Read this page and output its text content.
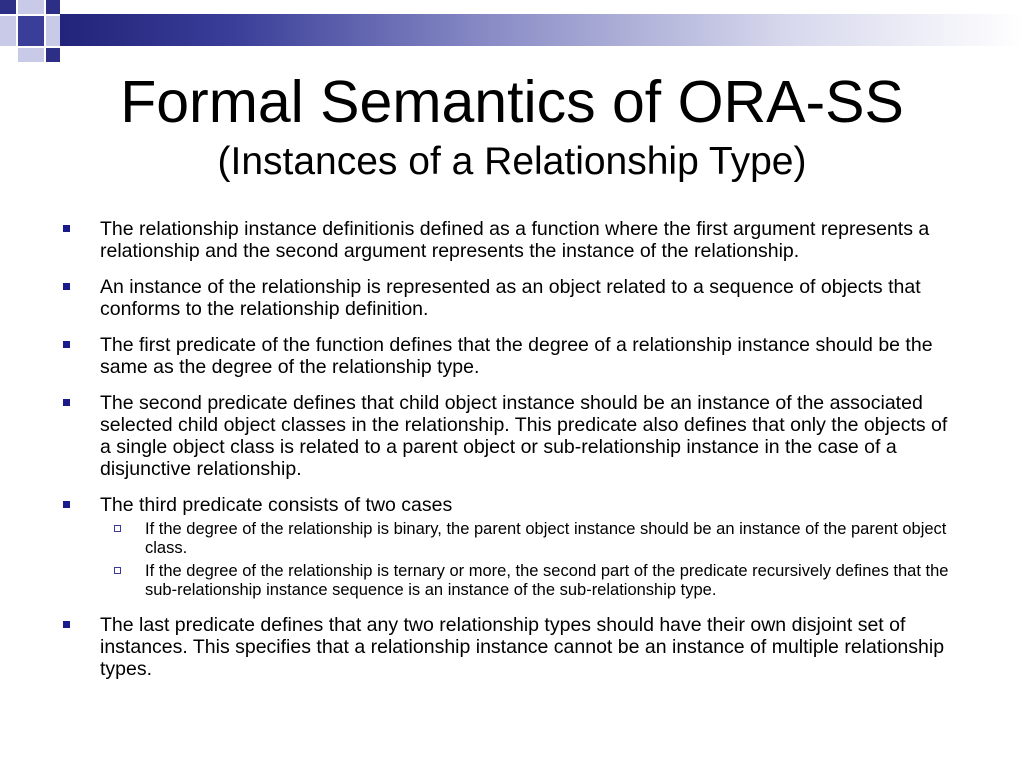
Formal Semantics of ORA-SS
(Instances of a Relationship Type)
The relationship instance definitionis defined as a function where the first argument represents a relationship and the second argument represents the instance of the relationship.
An instance of the relationship is represented as an object related to a sequence of objects that conforms to the relationship definition.
The first predicate of the function defines that the degree of a relationship instance should be the same as the degree of the relationship type.
The second predicate defines that child object instance should be an instance of the associated selected child object classes in the relationship. This predicate also defines that only the objects of a single object class is related to a parent object or sub-relationship instance in the case of a disjunctive relationship.
The third predicate consists of two cases
If the degree of the relationship is binary, the parent object instance should be an instance of the parent object class.
If the degree of the relationship is ternary or more, the second part of the predicate recursively defines that the sub-relationship instance sequence is an instance of the sub-relationship type.
The last predicate defines that any two relationship types should have their own disjoint set of instances. This specifies that a relationship instance cannot be an instance of multiple relationship types.
